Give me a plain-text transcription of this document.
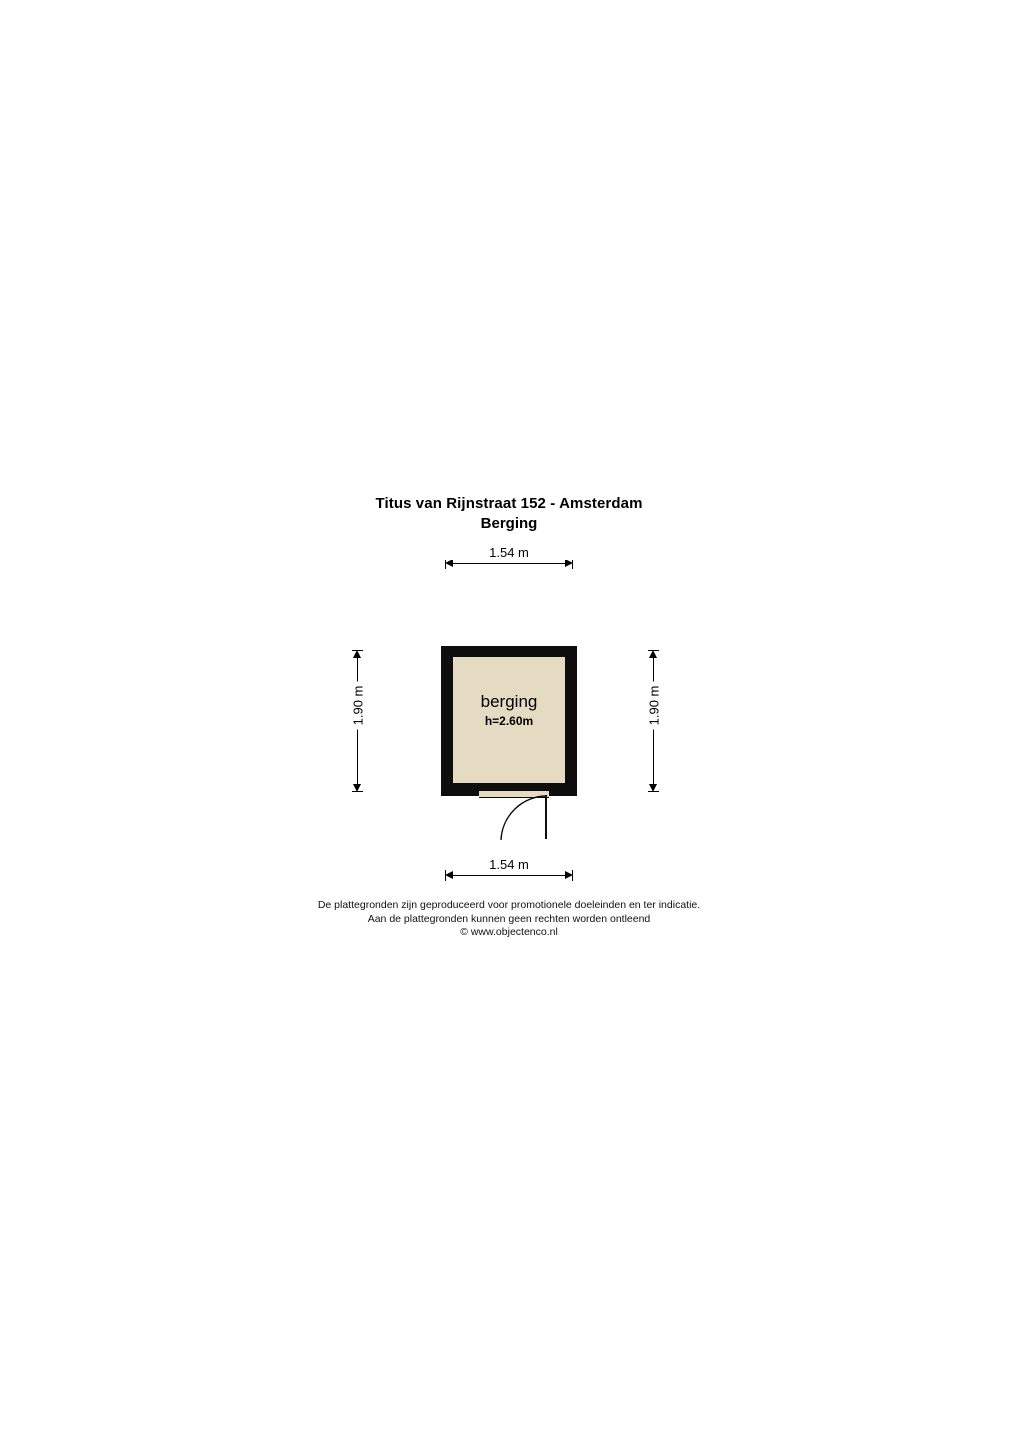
Titus van Rijnstraat 152 - Amsterdam
Berging
1.54 m
1.90 m	1.90 m
berging
h=2.60m
1.54 m
De plattegronden zijn geproduceerd voor promotionele doeleinden en ter indicatie.
Aan de plattegronden kunnen geen rechten worden ontleend
© www.objectenco.nl
